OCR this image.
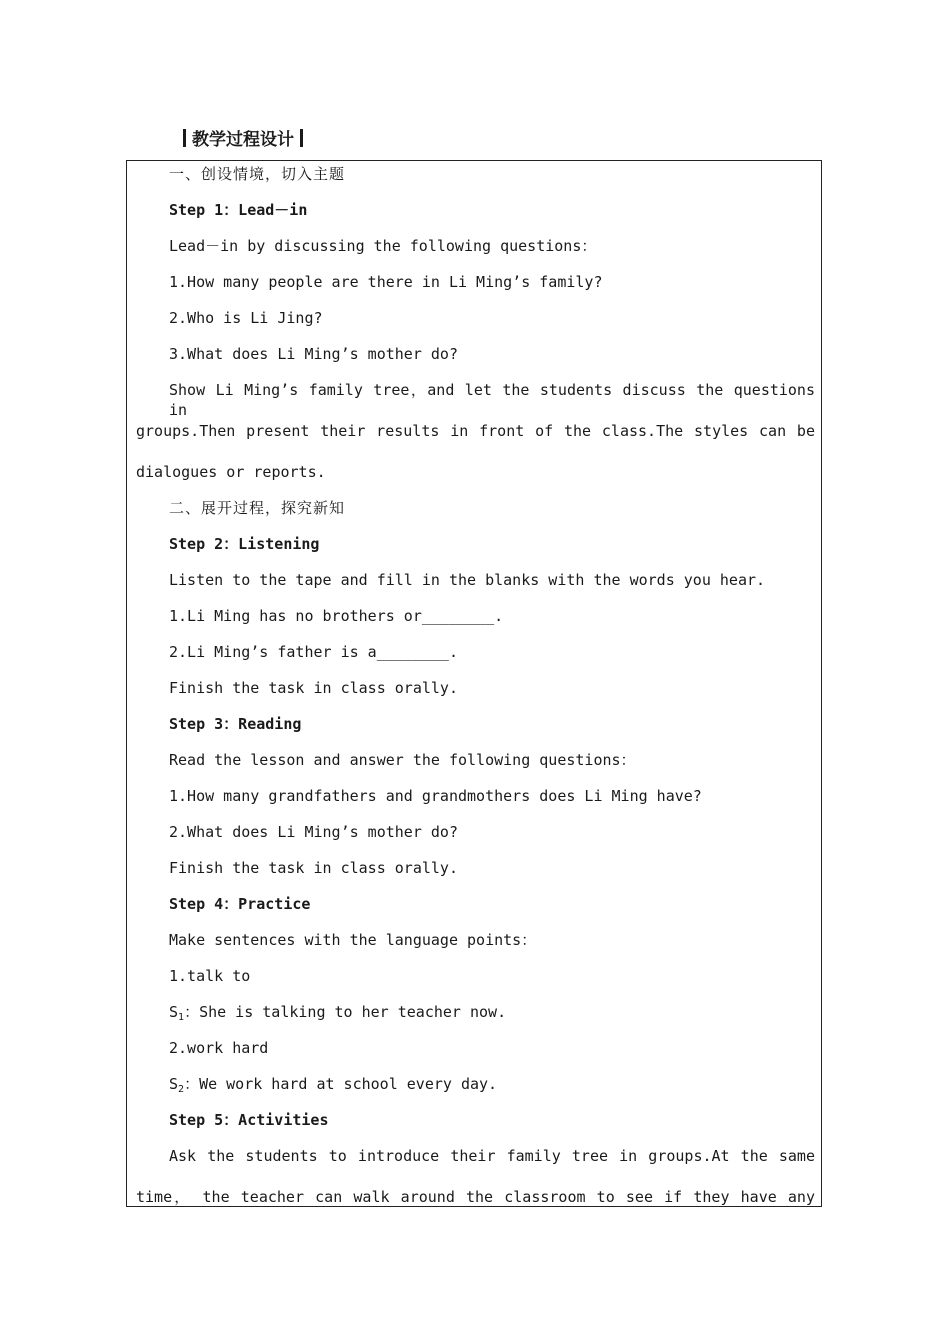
教学过程设计
一、创设情境，切入主题
Step 1：Lead－in
Lead－in by discussing the following questions：
1.How many people are there in Li Ming’s family?
2.Who is Li Jing?
3.What does Li Ming’s mother do?
Show Li Ming’s family tree，and let the students discuss the questions in
groups.Then present their results in front of the class.The styles can be
dialogues or reports.
二、展开过程，探究新知
Step 2：Listening
Listen to the tape and fill in the blanks with the words you hear.
1.Li Ming has no brothers or________.
2.Li Ming’s father is a________.
Finish the task in class orally.
Step 3：Reading
Read the lesson and answer the following questions：
1.How many grandfathers and grandmothers does Li Ming have?
2.What does Li Ming’s mother do?
Finish the task in class orally.
Step 4：Practice
Make sentences with the language points：
1.talk to
$S_1$：She is talking to her teacher now.
2.work hard
$S_2$：We work hard at school every day.
Step 5：Activities
Ask the students to introduce their family tree in groups.At the same
time， the teacher can walk around the classroom to see if they have any
